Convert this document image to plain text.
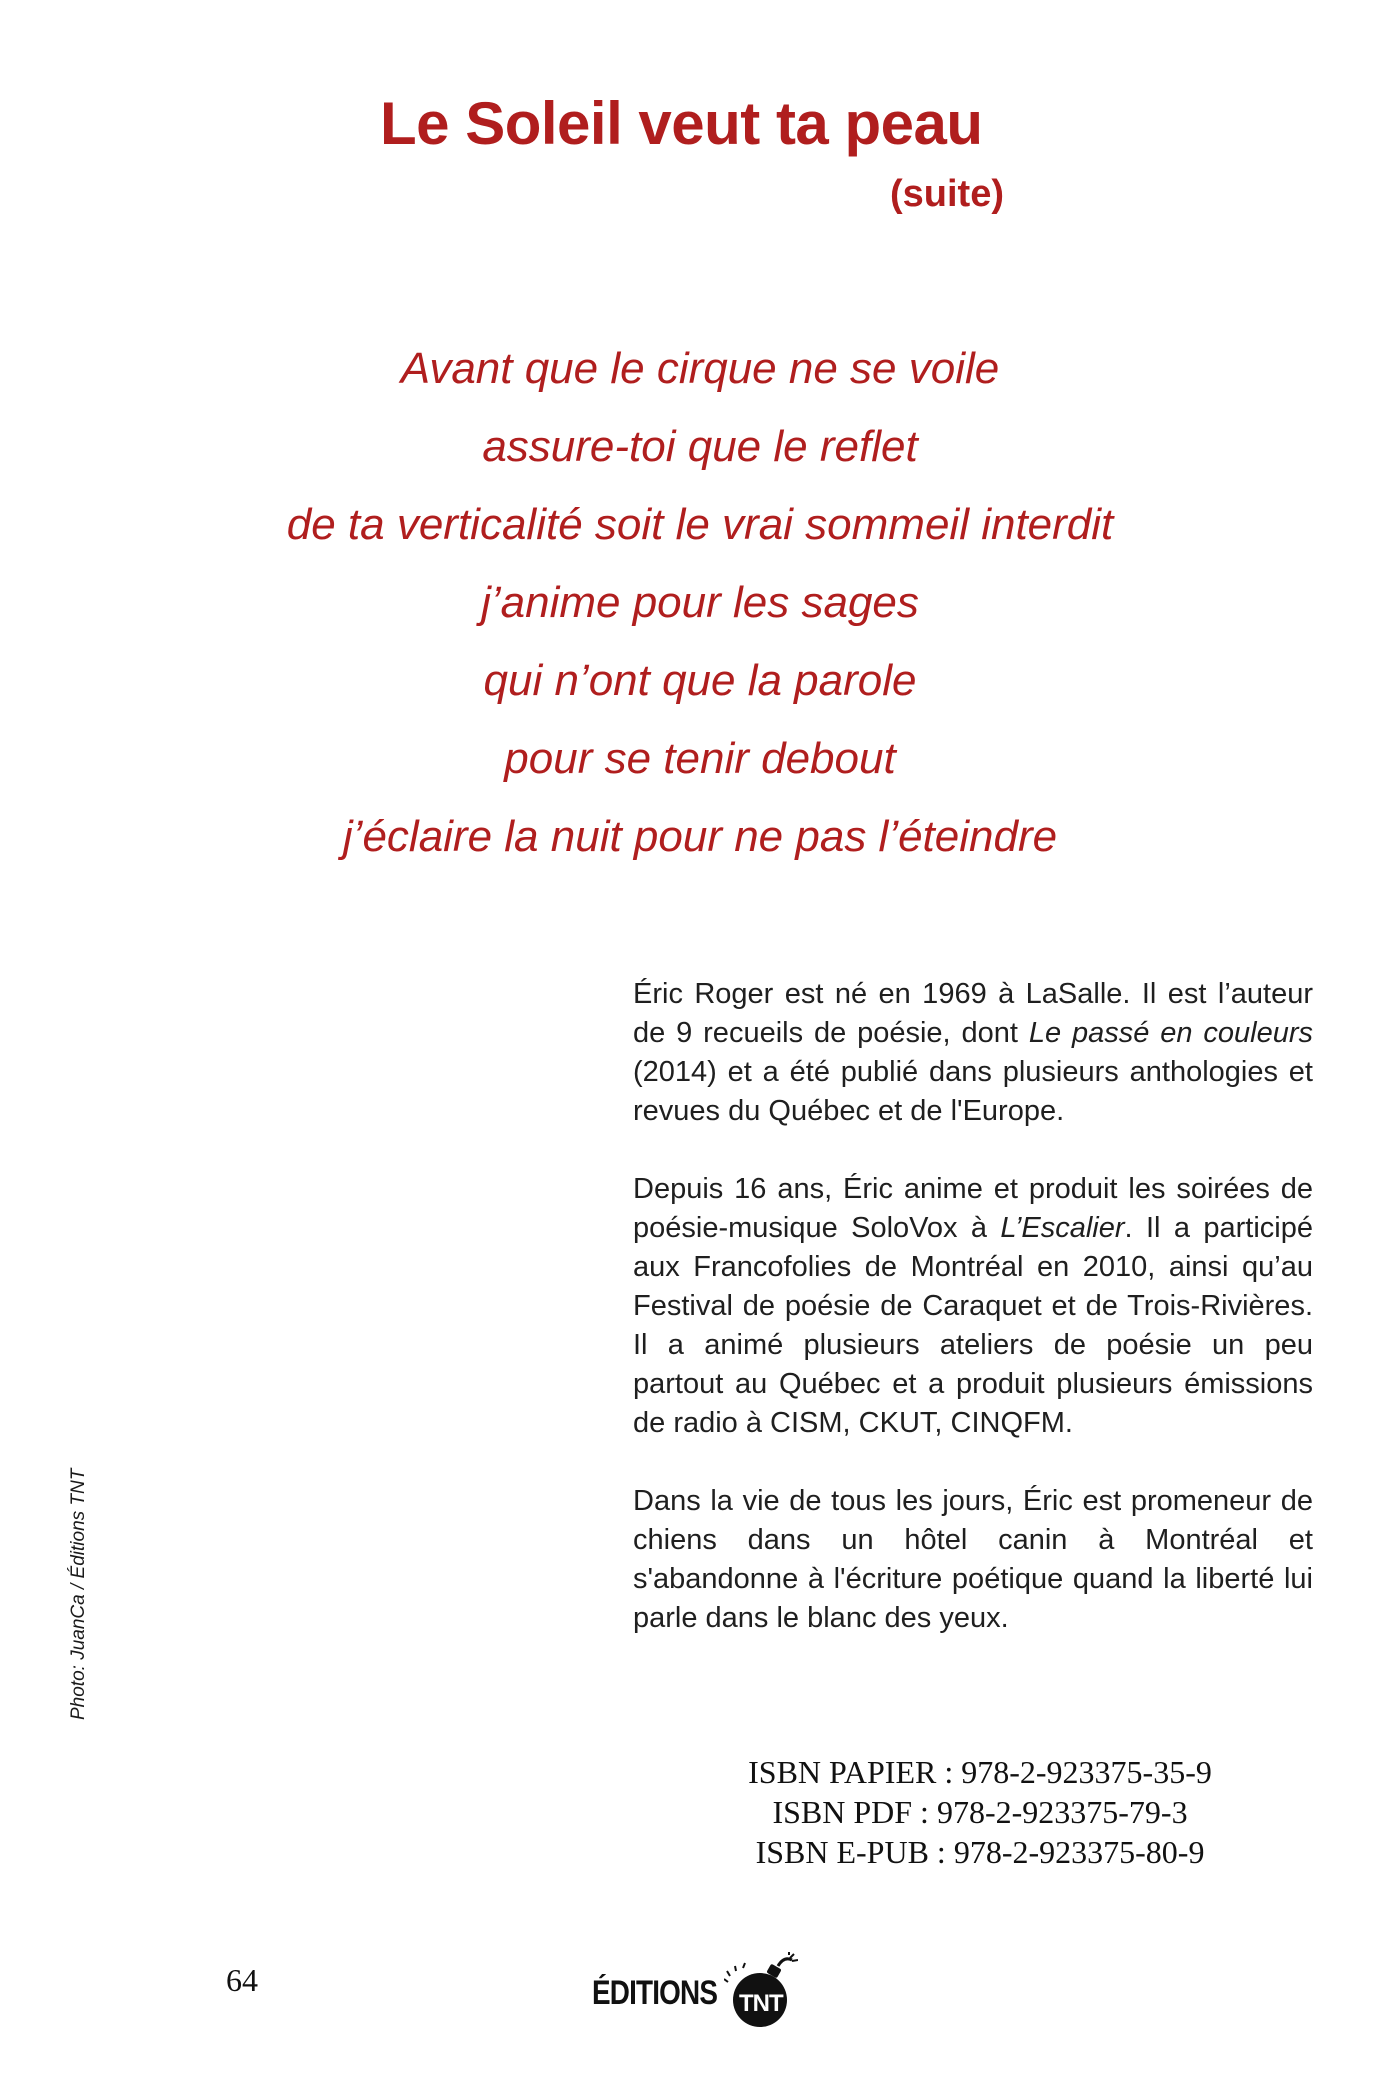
Le Soleil veut ta peau

(suite)

Avant que le cirque ne se voile
assure-toi que le reflet
de ta verticalité soit le vrai sommeil interdit
j’anime pour les sages
qui n’ont que la parole
pour se tenir debout
j’éclaire la nuit pour ne pas l’éteindre

Éric Roger est né en 1969 à LaSalle. Il est l’auteur de 9 recueils de poésie, dont Le passé en couleurs (2014) et a été publié dans plusieurs anthologies et revues du Québec et de l'Europe.

Depuis 16 ans, Éric anime et produit les soirées de poésie-musique SoloVox à L’Escalier. Il a participé aux Francofolies de Montréal en 2010, ainsi qu’au Festival de poésie de Caraquet et de Trois-Rivières. Il a animé plusieurs ateliers de poésie un peu partout au Québec et a produit plusieurs émissions de radio à CISM, CKUT, CINQFM.

Dans la vie de tous les jours, Éric est promeneur de chiens dans un hôtel canin à Montréal et s'abandonne à l'écriture poétique quand la liberté lui parle dans le blanc des yeux.

Photo: JuanCa / Éditions TNT
ISBN PAPIER : 978-2-923375-35-9
ISBN PDF : 978-2-923375-79-3
ISBN E-PUB : 978-2-923375-80-9
64	ÉDITIONS TNT
